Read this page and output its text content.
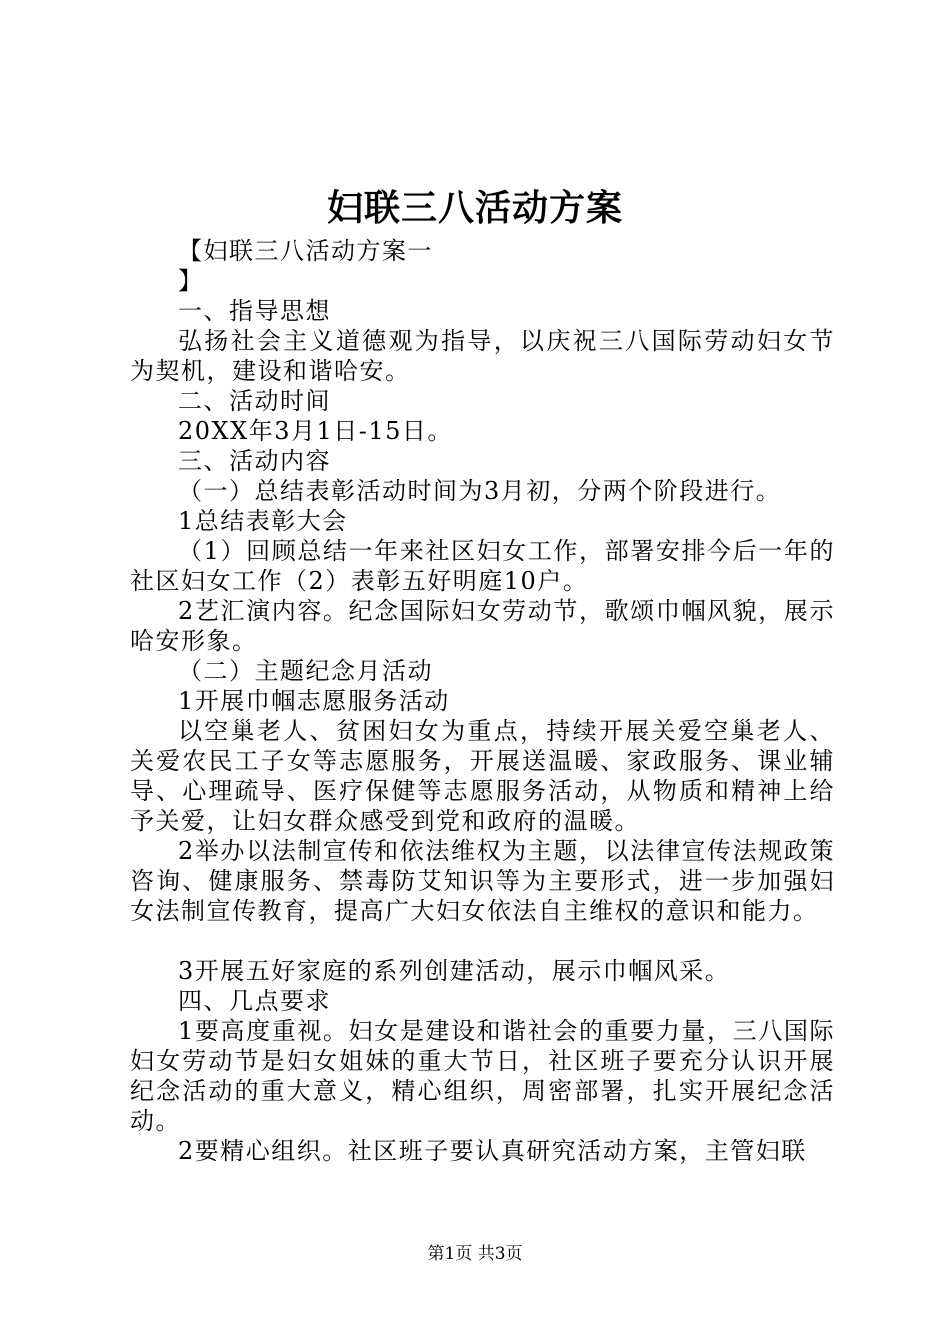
妇联三八活动方案

【妇联三八活动方案一

】

一、指导思想

弘扬社会主义道德观为指导，以庆祝三八国际劳动妇女节为契机，建设和谐哈安。

二、活动时间

20XX年3月1日-15日。

三、活动内容

（一）总结表彰活动时间为3月初，分两个阶段进行。

1总结表彰大会

（1）回顾总结一年来社区妇女工作，部署安排今后一年的社区妇女工作（2）表彰五好明庭10户。

2艺汇演内容。纪念国际妇女劳动节，歌颂巾帼风貌，展示哈安形象。

（二）主题纪念月活动

1开展巾帼志愿服务活动

以空巢老人、贫困妇女为重点，持续开展关爱空巢老人、关爱农民工子女等志愿服务，开展送温暖、家政服务、课业辅导、心理疏导、医疗保健等志愿服务活动，从物质和精神上给予关爱，让妇女群众感受到党和政府的温暖。

2举办以法制宣传和依法维权为主题，以法律宣传法规政策咨询、健康服务、禁毒防艾知识等为主要形式，进一步加强妇女法制宣传教育，提高广大妇女依法自主维权的意识和能力。

3开展五好家庭的系列创建活动，展示巾帼风采。

四、几点要求

1要高度重视。妇女是建设和谐社会的重要力量，三八国际妇女劳动节是妇女姐妹的重大节日，社区班子要充分认识开展纪念活动的重大意义，精心组织，周密部署，扎实开展纪念活动。

2要精心组织。社区班子要认真研究活动方案，主管妇联

第1页 共3页
